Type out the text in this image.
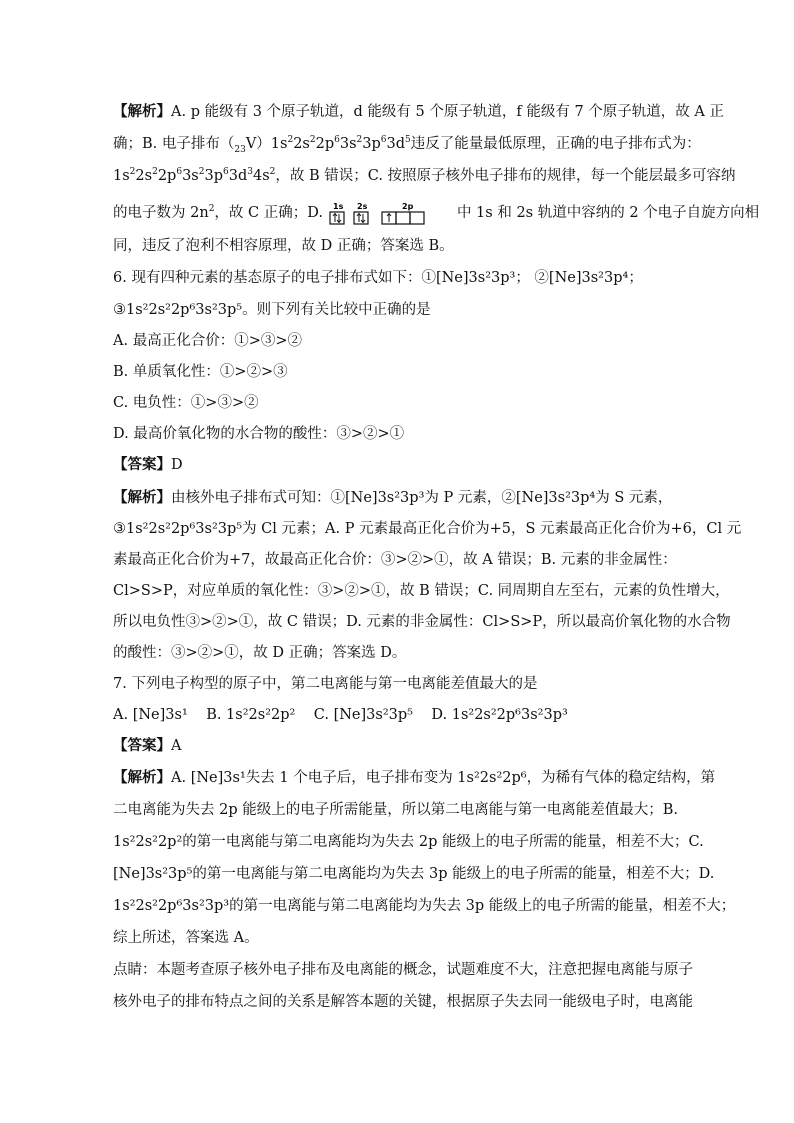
【解析】A. p 能级有 3 个原子轨道，d 能级有 5 个原子轨道，f 能级有 7 个原子轨道，故 A 正
确；B. 电子排布$(_{23}V)1s^22s^22p^63s^23p^63d^5$违反了能量最低原理，正确的电子排布式为：
$1s^22s^22p^63s^23p^63d^34s^2$，故 B 错误；C. 按照原子核外电子排布的规律，每一个能层最多可容纳
的电子数为 $2n^2$，故 C 正确；D. 1s 2s	2p	中 1s 和 2s 轨道中容纳的 2 个电子自旋方向相
同，违反了泡利不相容原理，故 D 正确；答案选 B。
6. 现有四种元素的基态原子的电子排布式如下：①[Ne]3s²3p³； ②[Ne]3s²3p⁴；
③1s²2s²2p⁶3s²3p⁵。则下列有关比较中正确的是
A. 最高正化合价：①>③>②
B. 单质氧化性：①>②>③
C. 电负性：①>③>②
D. 最高价氧化物的水合物的酸性：③>②>①
【答案】D
【解析】由核外电子排布式可知：①[Ne]3s²3p³为 P 元素，②[Ne]3s²3p⁴为 S 元素，
③1s²2s²2p⁶3s²3p⁵为 Cl 元素；A. P 元素最高正化合价为+5，S 元素最高正化合价为+6，Cl 元
素最高正化合价为+7，故最高正化合价：③>②>①，故 A 错误；B. 元素的非金属性：
Cl>S>P，对应单质的氧化性：③>②>①，故 B 错误；C. 同周期自左至右，元素的负性增大，
所以电负性③>②>①，故 C 错误；D. 元素的非金属性：Cl>S>P，所以最高价氧化物的水合物
的酸性：③>②>①，故 D 正确；答案选 D。
7. 下列电子构型的原子中，第二电离能与第一电离能差值最大的是
A. [Ne]3s¹    B. 1s²2s²2p²    C. [Ne]3s²3p⁵    D. 1s²2s²2p⁶3s²3p³
【答案】A
【解析】A. [Ne]3s¹失去 1 个电子后，电子排布变为 1s²2s²2p⁶，为稀有气体的稳定结构，第
二电离能为失去 2p 能级上的电子所需能量，所以第二电离能与第一电离能差值最大；B.
1s²2s²2p²的第一电离能与第二电离能均为失去 2p 能级上的电子所需的能量，相差不大；C.
[Ne]3s²3p⁵的第一电离能与第二电离能均为失去 3p 能级上的电子所需的能量，相差不大；D.
1s²2s²2p⁶3s²3p³的第一电离能与第二电离能均为失去 3p 能级上的电子所需的能量，相差不大；
综上所述，答案选 A。
点睛：本题考查原子核外电子排布及电离能的概念，试题难度不大，注意把握电离能与原子
核外电子的排布特点之间的关系是解答本题的关键，根据原子失去同一能级电子时，电离能
